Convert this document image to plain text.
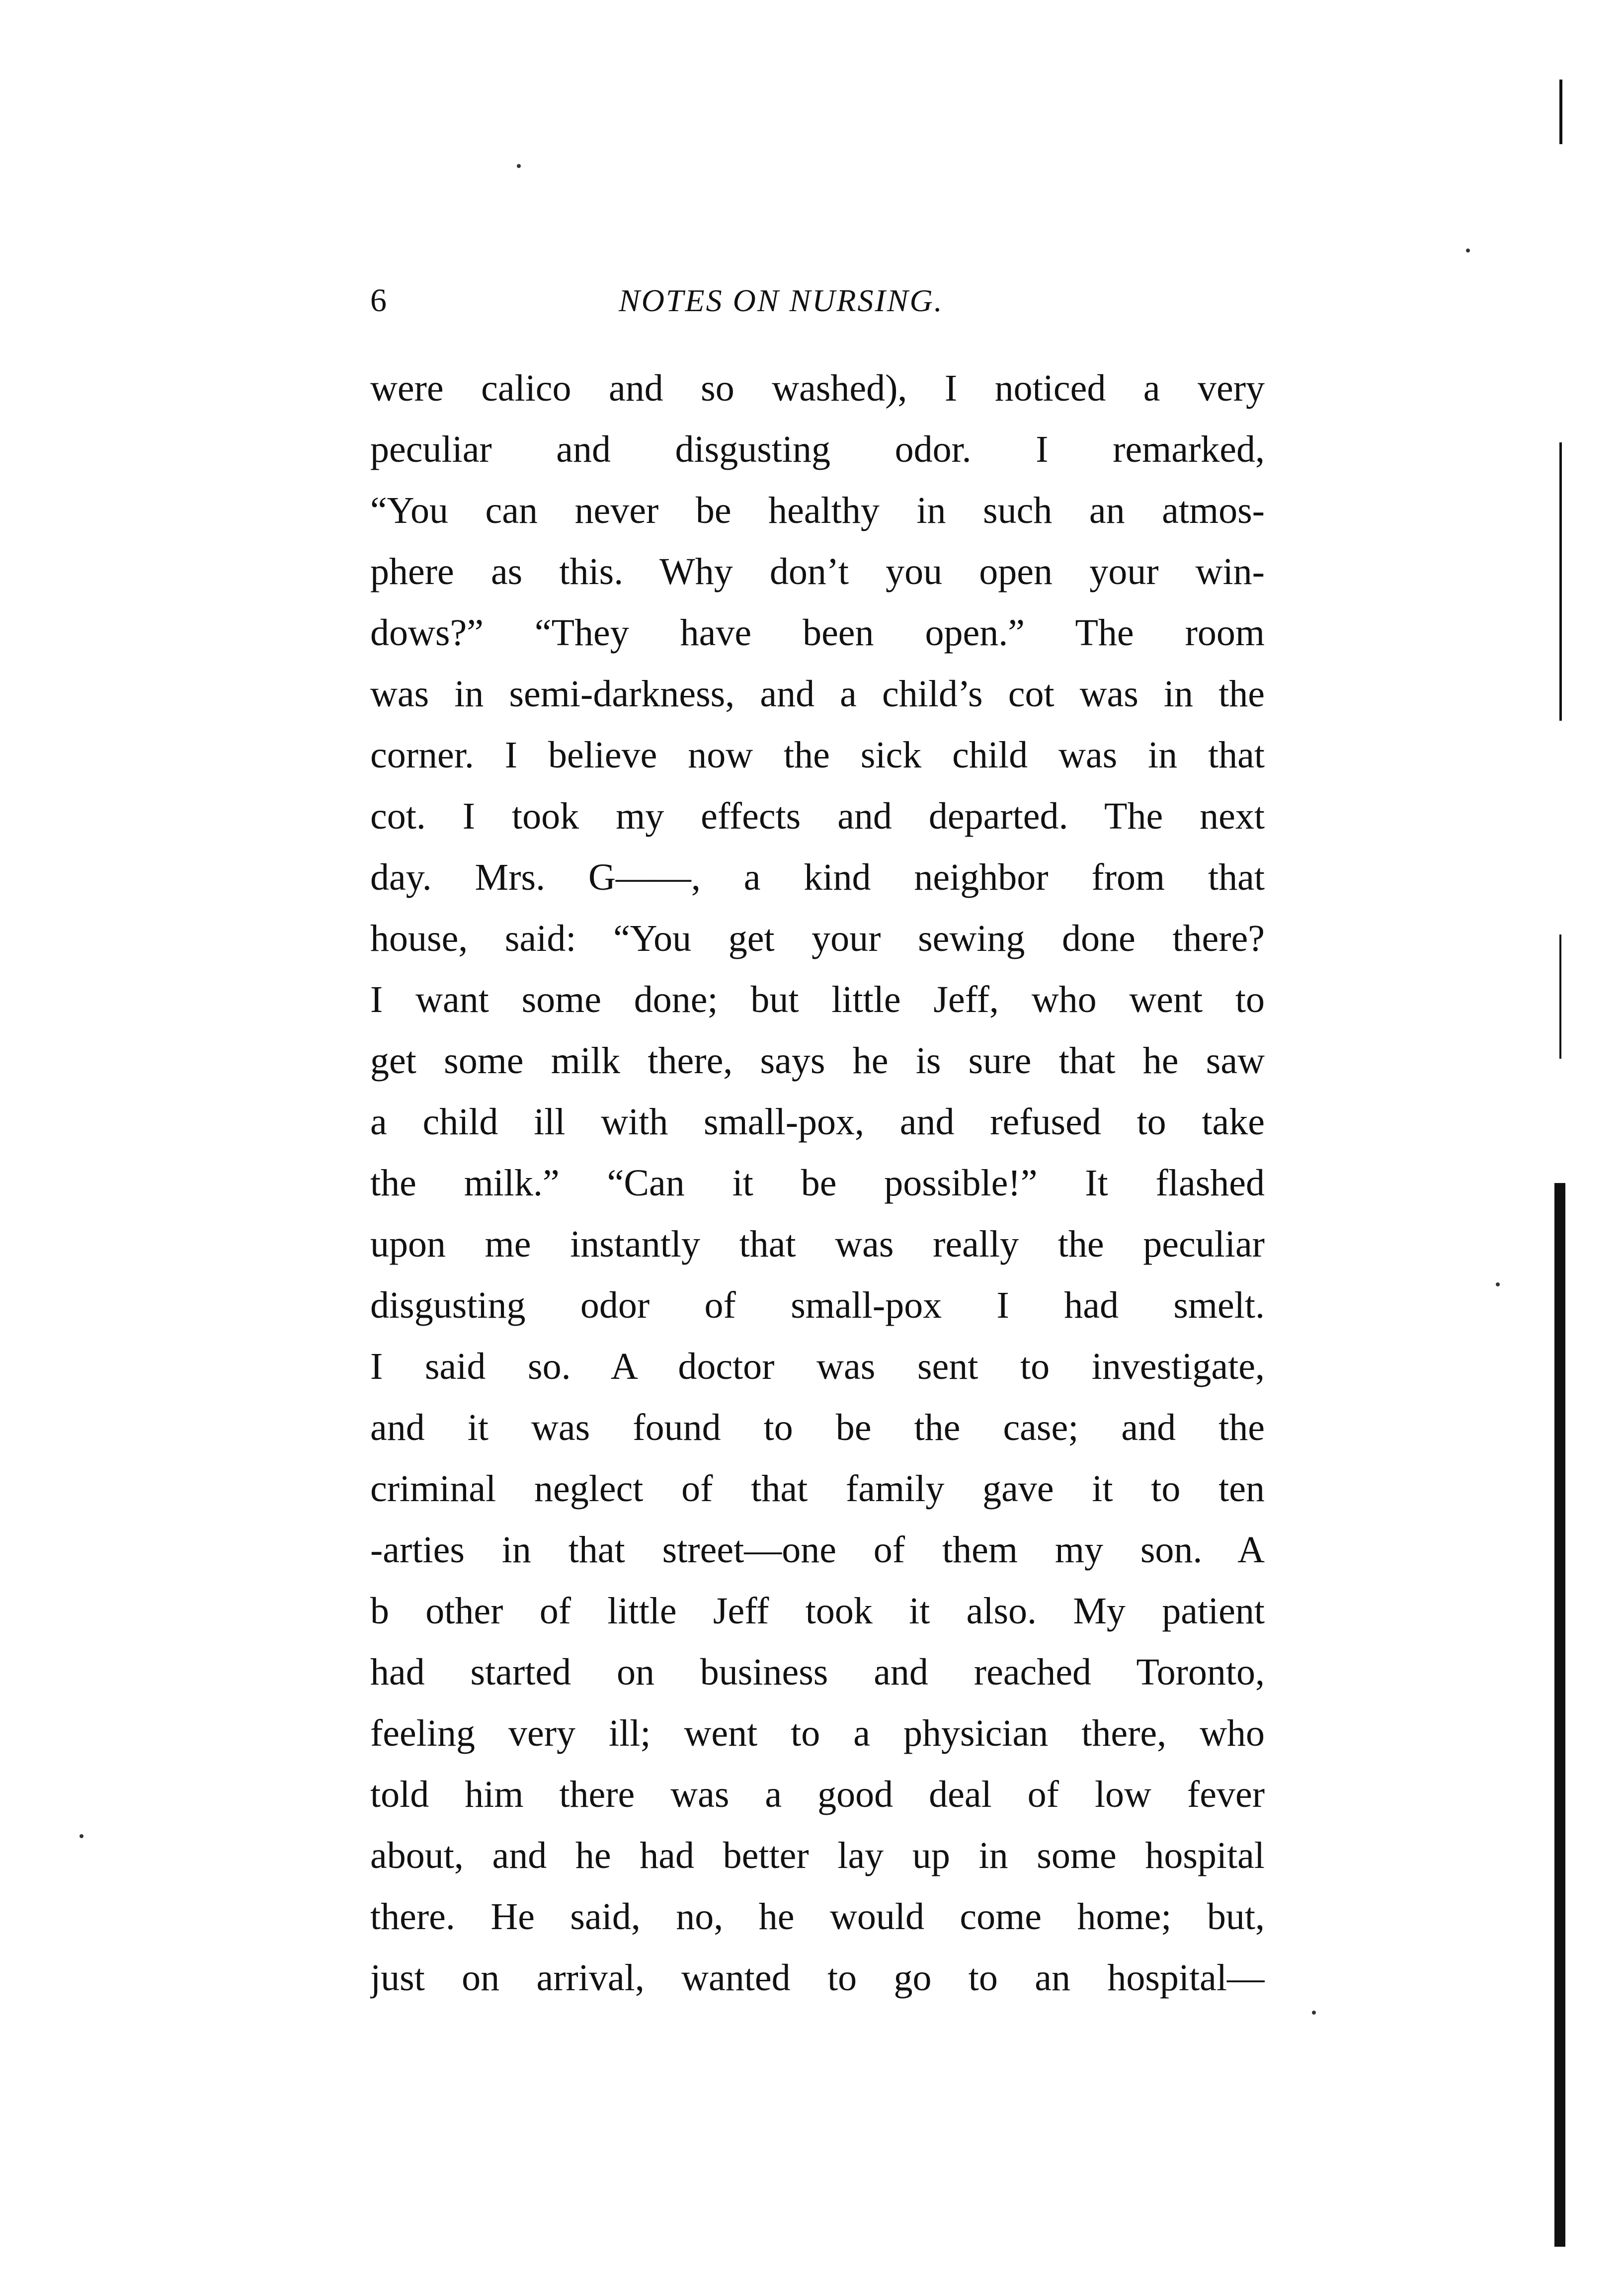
6	NOTES ON NURSING.
were calico and so washed), I noticed a very
peculiar and disgusting odor. I remarked,
“You can never be healthy in such an atmos-
phere as this. Why don’t you open your win-
dows?” “They have been open.” The room
was in semi-darkness, and a child’s cot was in the
corner. I believe now the sick child was in that
cot. I took my effects and departed. The next
day. Mrs. G——, a kind neighbor from that
house, said: “You get your sewing done there?
I want some done; but little Jeff, who went to
get some milk there, says he is sure that he saw
a child ill with small-pox, and refused to take
the milk.” “Can it be possible!” It flashed
upon me instantly that was really the peculiar
disgusting odor of small-pox I had smelt.
I said so. A doctor was sent to investigate,
and it was found to be the case; and the
criminal neglect of that family gave it to ten
-arties in that street—one of them my son. A
b other of little Jeff took it also. My patient
had started on business and reached Toronto,
feeling very ill; went to a physician there, who
told him there was a good deal of low fever
about, and he had better lay up in some hospital
there. He said, no, he would come home; but,
just on arrival, wanted to go to an hospital—
